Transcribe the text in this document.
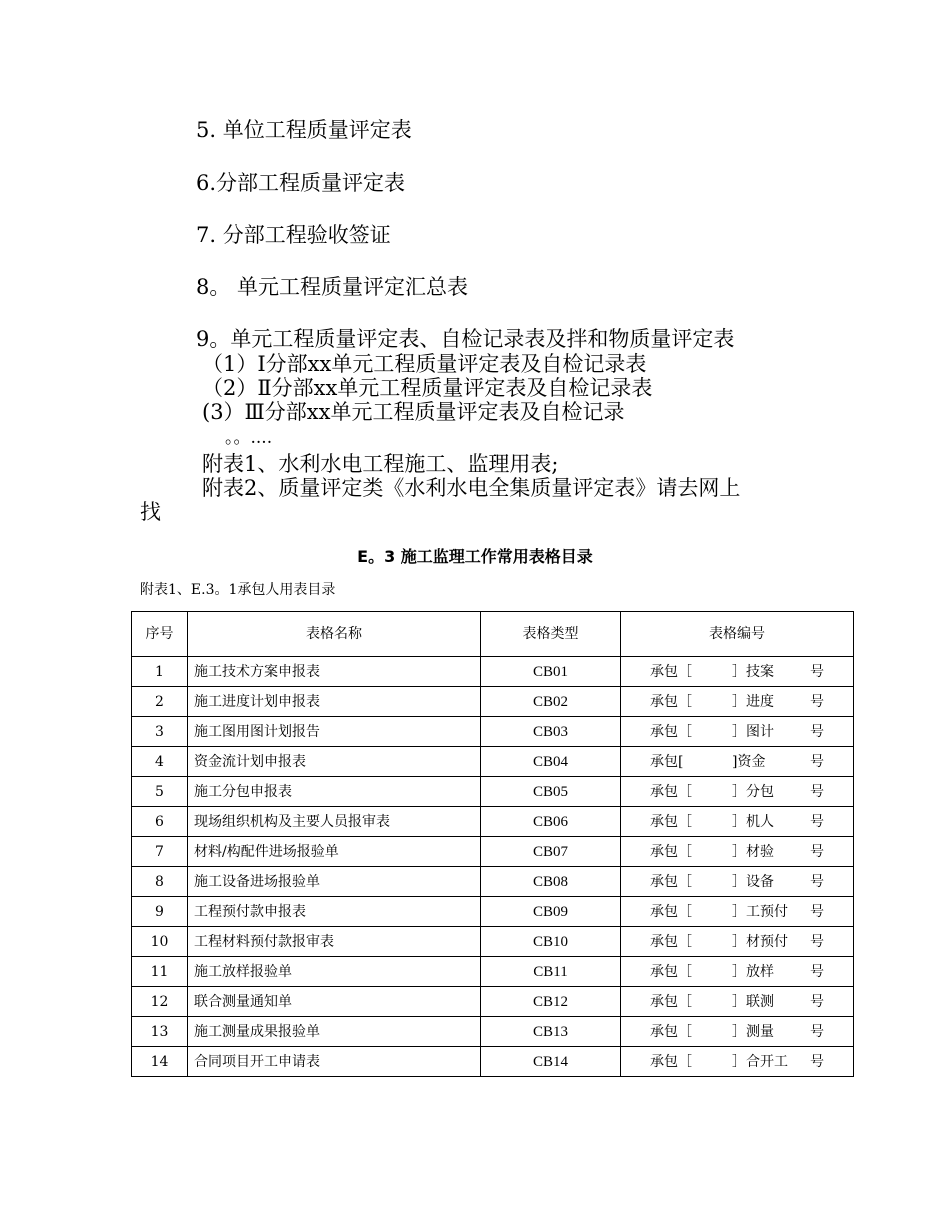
5. 单位工程质量评定表
6.分部工程质量评定表
7. 分部工程验收签证
8。 单元工程质量评定汇总表
9。单元工程质量评定表、自检记录表及拌和物质量评定表
（1）Ⅰ分部xx单元工程质量评定表及自检记录表
（2）Ⅱ分部xx单元工程质量评定表及自检记录表
(3）Ⅲ分部xx单元工程质量评定表及自检记录
。。....
附表1、水利水电工程施工、监理用表;
附表2、质量评定类《水利水电全集质量评定表》请去网上
找
E。3 施工监理工作常用表格目录
附表1、E.3。1承包人用表目录
序号	表格名称	表格类型	表格编号
1	施工技术方案申报表	CB01	承包［ ］技案 号
2	施工进度计划申报表	CB02	承包［ ］进度 号
3	施工图用图计划报告	CB03	承包［ ］图计 号
4	资金流计划申报表	CB04	承包[ ]资金 号
5	施工分包申报表	CB05	承包［ ］分包 号
6	现场组织机构及主要人员报审表	CB06	承包［ ］机人 号
7	材料/构配件进场报验单	CB07	承包［ ］材验 号
8	施工设备进场报验单	CB08	承包［ ］设备 号
9	工程预付款申报表	CB09	承包［ ］工预付 号
10	工程材料预付款报审表	CB10	承包［ ］材预付 号
11	施工放样报验单	CB11	承包［ ］放样 号
12	联合测量通知单	CB12	承包［ ］联测 号
13	施工测量成果报验单	CB13	承包［ ］测量 号
14	合同项目开工申请表	CB14	承包［ ］合开工 号
